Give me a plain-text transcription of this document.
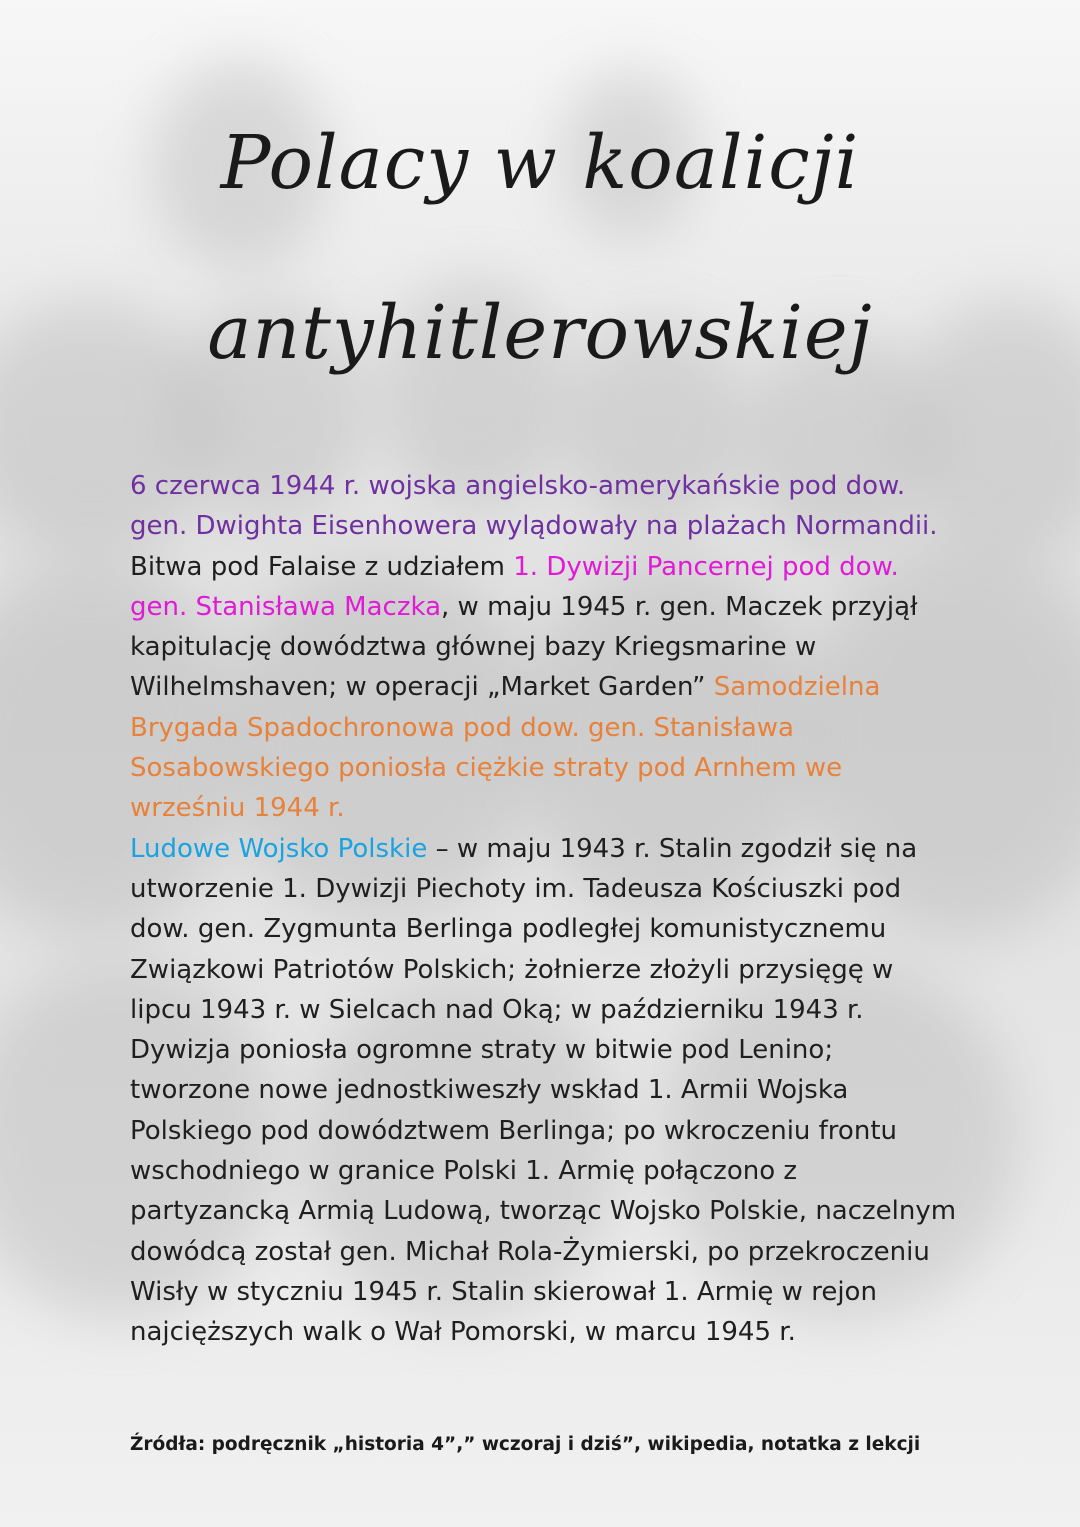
Polacy w koalicji
antyhitlerowskiej

6 czerwca 1944 r. wojska angielsko-amerykańskie pod dow. gen. Dwighta Eisenhowera wylądowały na plażach Normandii. Bitwa pod Falaise z udziałem 1. Dywizji Pancernej pod dow. gen. Stanisława Maczka, w maju 1945 r. gen. Maczek przyjął kapitulację dowództwa głównej bazy Kriegsmarine w Wilhelmshaven; w operacji „Market Garden” Samodzielna Brygada Spadochronowa pod dow. gen. Stanisława Sosabowskiego poniosła ciężkie straty pod Arnhem we wrześniu 1944 r.
Ludowe Wojsko Polskie – w maju 1943 r. Stalin zgodził się na utworzenie 1. Dywizji Piechoty im. Tadeusza Kościuszki pod dow. gen. Zygmunta Berlinga podległej komunistycznemu Związkowi Patriotów Polskich; żołnierze złożyli przysięgę w lipcu 1943 r. w Sielcach nad Oką; w październiku 1943 r. Dywizja poniosła ogromne straty w bitwie pod Lenino; tworzone nowe jednostkiweszły wskład 1. Armii Wojska Polskiego pod dowództwem Berlinga; po wkroczeniu frontu wschodniego w granice Polski 1. Armię połączono z partyzancką Armią Ludową, tworząc Wojsko Polskie, naczelnym dowódcą został gen. Michał Rola-Żymierski, po przekroczeniu Wisły w styczniu 1945 r. Stalin skierował 1. Armię w rejon najcięższych walk o Wał Pomorski, w marcu 1945 r.

Źródła: podręcznik „historia 4”,” wczoraj i dziś”, wikipedia, notatka z lekcji
